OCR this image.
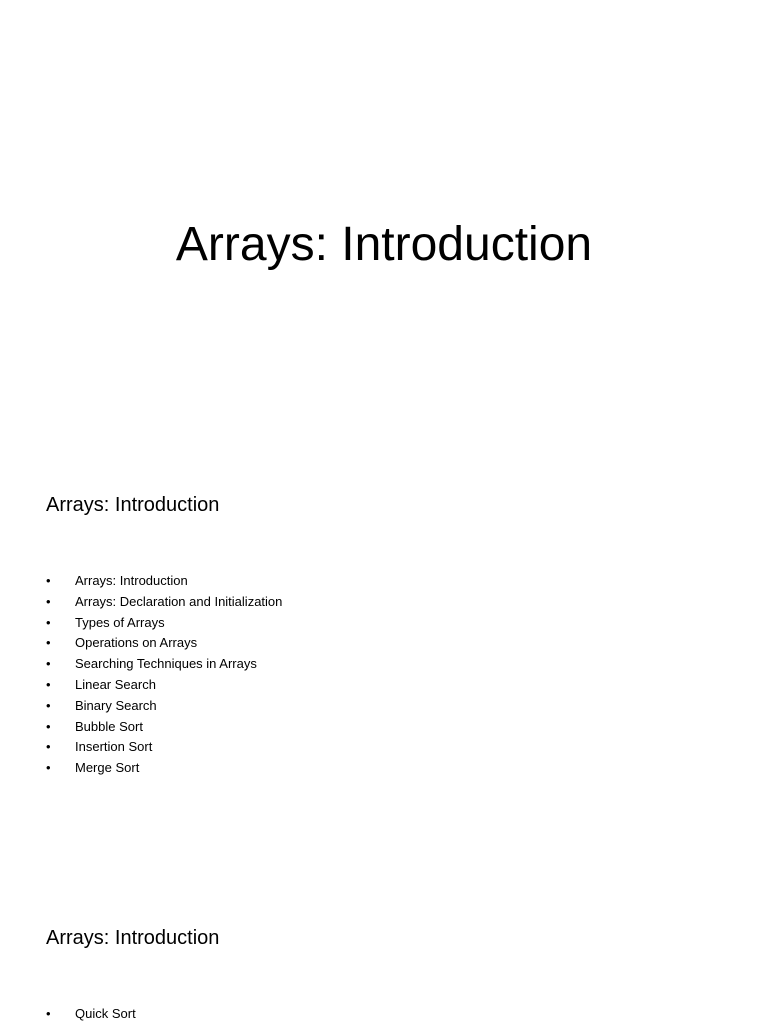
Arrays: Introduction
Arrays: Introduction
•	Arrays: Introduction
•	Arrays: Declaration and Initialization
•	Types of Arrays
•	Operations on Arrays
•	Searching Techniques in Arrays
•	Linear Search
•	Binary Search
•	Bubble Sort
•	Insertion Sort
•	Merge Sort
Arrays: Introduction
•	Quick Sort
